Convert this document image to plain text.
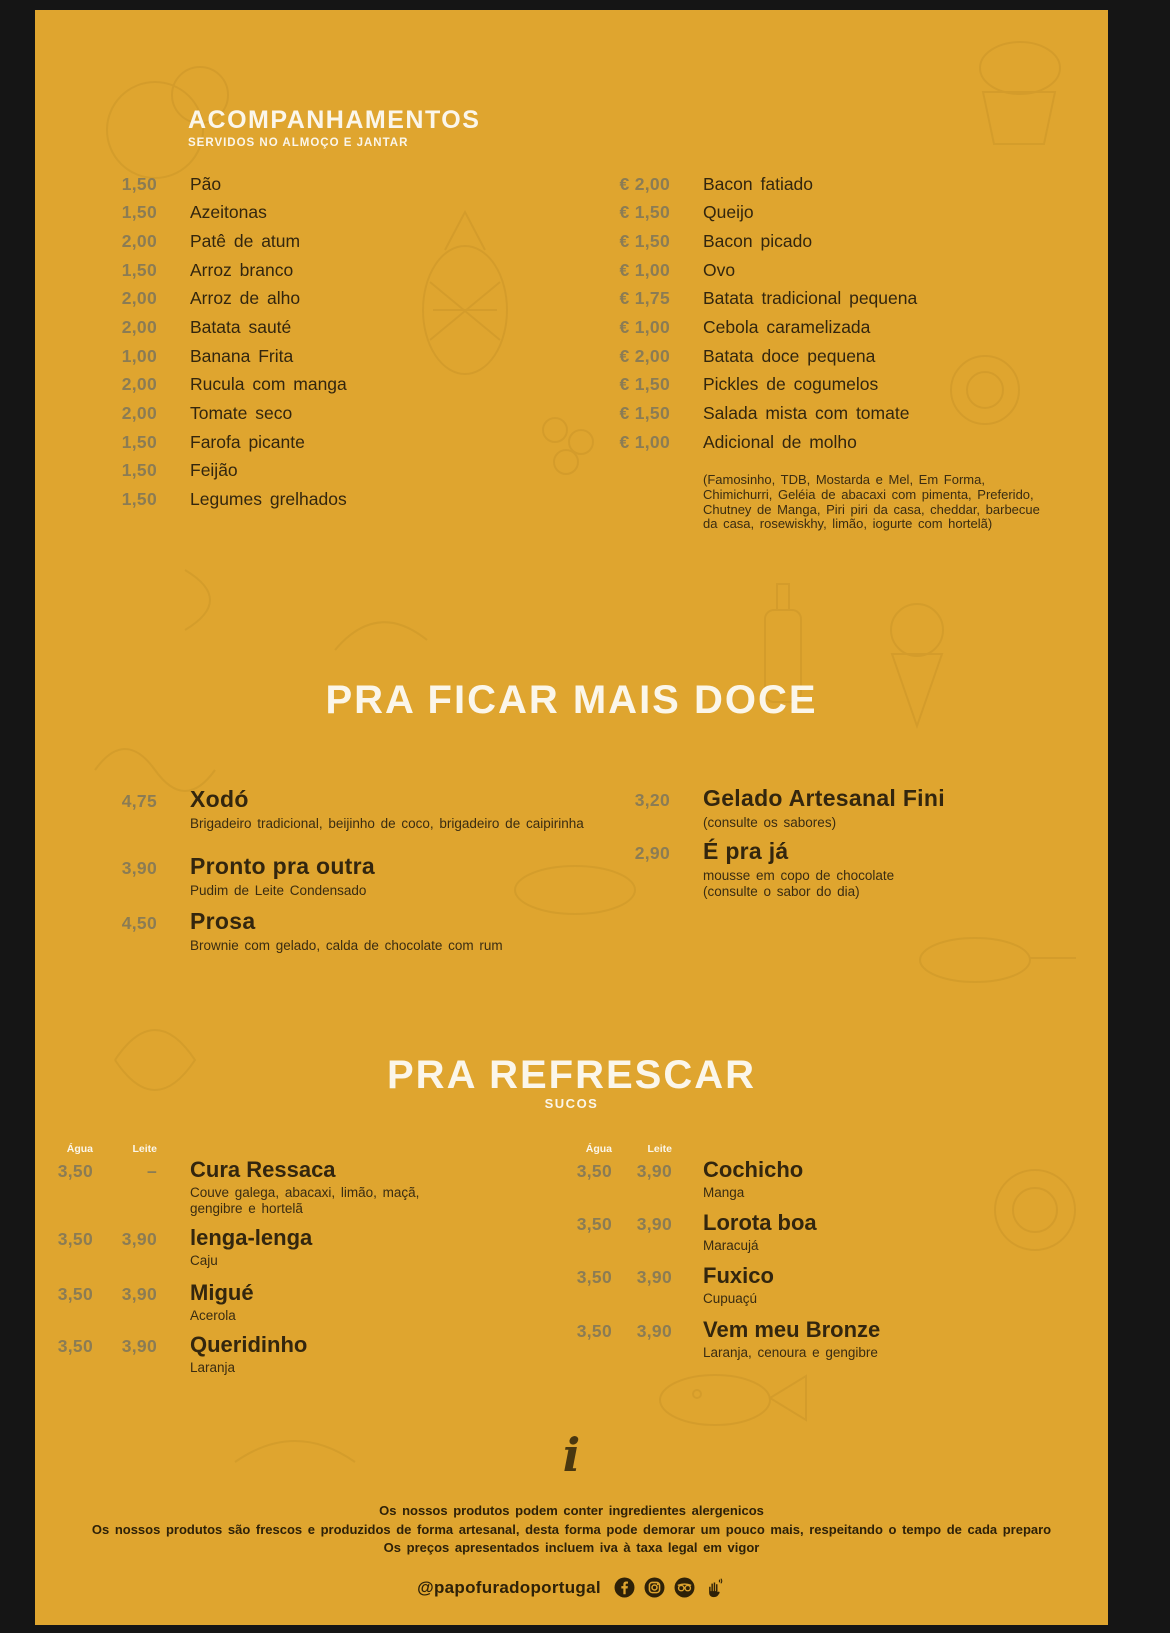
ACOMPANHAMENTOS
SERVIDOS NO ALMOÇO E JANTAR
1,50 Pão
1,50 Azeitonas
2,00 Patê de atum
1,50 Arroz branco
2,00 Arroz de alho
2,00 Batata sauté
1,00 Banana Frita
2,00 Rucula com manga
2,00 Tomate seco
1,50 Farofa picante
1,50 Feijão
1,50 Legumes grelhados
€ 2,00 Bacon fatiado
€ 1,50 Queijo
€ 1,50 Bacon picado
€ 1,00 Ovo
€ 1,75 Batata tradicional pequena
€ 1,00 Cebola caramelizada
€ 2,00 Batata doce pequena
€ 1,50 Pickles de cogumelos
€ 1,50 Salada mista com tomate
€ 1,00 Adicional de molho
(Famosinho, TDB, Mostarda e Mel, Em Forma, Chimichurri, Geléia de abacaxi com pimenta, Preferido, Chutney de Manga, Piri piri da casa, cheddar, barbecue da casa, rosewiskhy, limão, iogurte com hortelã)
PRA FICAR MAIS DOCE
4,75 Xodó
Brigadeiro tradicional, beijinho de coco, brigadeiro de caipirinha
3,90 Pronto pra outra
Pudim de Leite Condensado
4,50 Prosa
Brownie com gelado, calda de chocolate com rum
3,20 Gelado Artesanal Fini
(consulte os sabores)
2,90 É pra já
mousse em copo de chocolate (consulte o sabor do dia)
PRA REFRESCAR
SUCOS
Água	Leite	Água	Leite
3,50	– Cura Ressaca
Couve galega, abacaxi, limão, maçã, gengibre e hortelã
3,50	3,90 lenga-lenga
Caju
3,50	3,90 Migué
Acerola
3,50	3,90 Queridinho
Laranja
3,50	3,90 Cochicho
Manga
3,50	3,90 Lorota boa
Maracujá
3,50	3,90 Fuxico
Cupuaçú
3,50	3,90 Vem meu Bronze
Laranja, cenoura e gengibre
i
Os nossos produtos podem conter ingredientes alergenicos
Os nossos produtos são frescos e produzidos de forma artesanal, desta forma pode demorar um pouco mais, respeitando o tempo de cada preparo
Os preços apresentados incluem iva à taxa legal em vigor
@papofuradoportugal
